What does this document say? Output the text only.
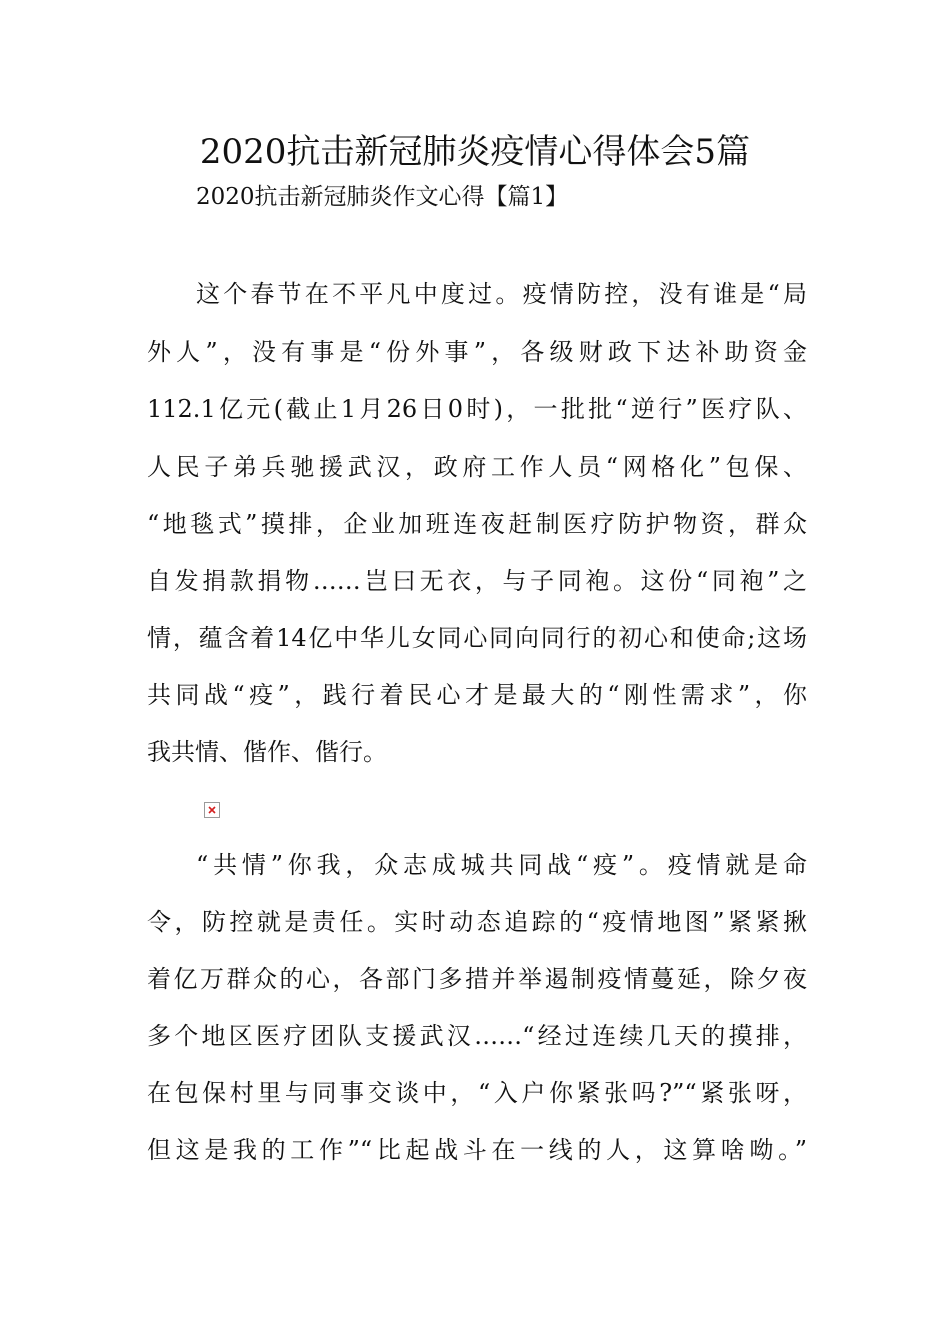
2020抗击新冠肺炎疫情心得体会5篇
2020抗击新冠肺炎作文心得【篇1】
这个春节在不平凡中度过。疫情防控，没有谁是“局
外人”，没有事是“份外事”，各级财政下达补助资金
112.1亿元(截止1月26日0时)，一批批“逆行”医疗队、
人民子弟兵驰援武汉，政府工作人员“网格化”包保、
“地毯式”摸排，企业加班连夜赶制医疗防护物资，群众
自发捐款捐物……岂曰无衣，与子同袍。这份“同袍”之
情，蕴含着14亿中华儿女同心同向同行的初心和使命;这场
共同战“疫”，践行着民心才是最大的“刚性需求”，你
我共情、偕作、偕行。
“共情”你我，众志成城共同战“疫”。疫情就是命
令，防控就是责任。实时动态追踪的“疫情地图”紧紧揪
着亿万群众的心，各部门多措并举遏制疫情蔓延，除夕夜
多个地区医疗团队支援武汉……“经过连续几天的摸排，
在包保村里与同事交谈中，“入户你紧张吗?”“紧张呀，
但这是我的工作”“比起战斗在一线的人，这算啥呦。”
